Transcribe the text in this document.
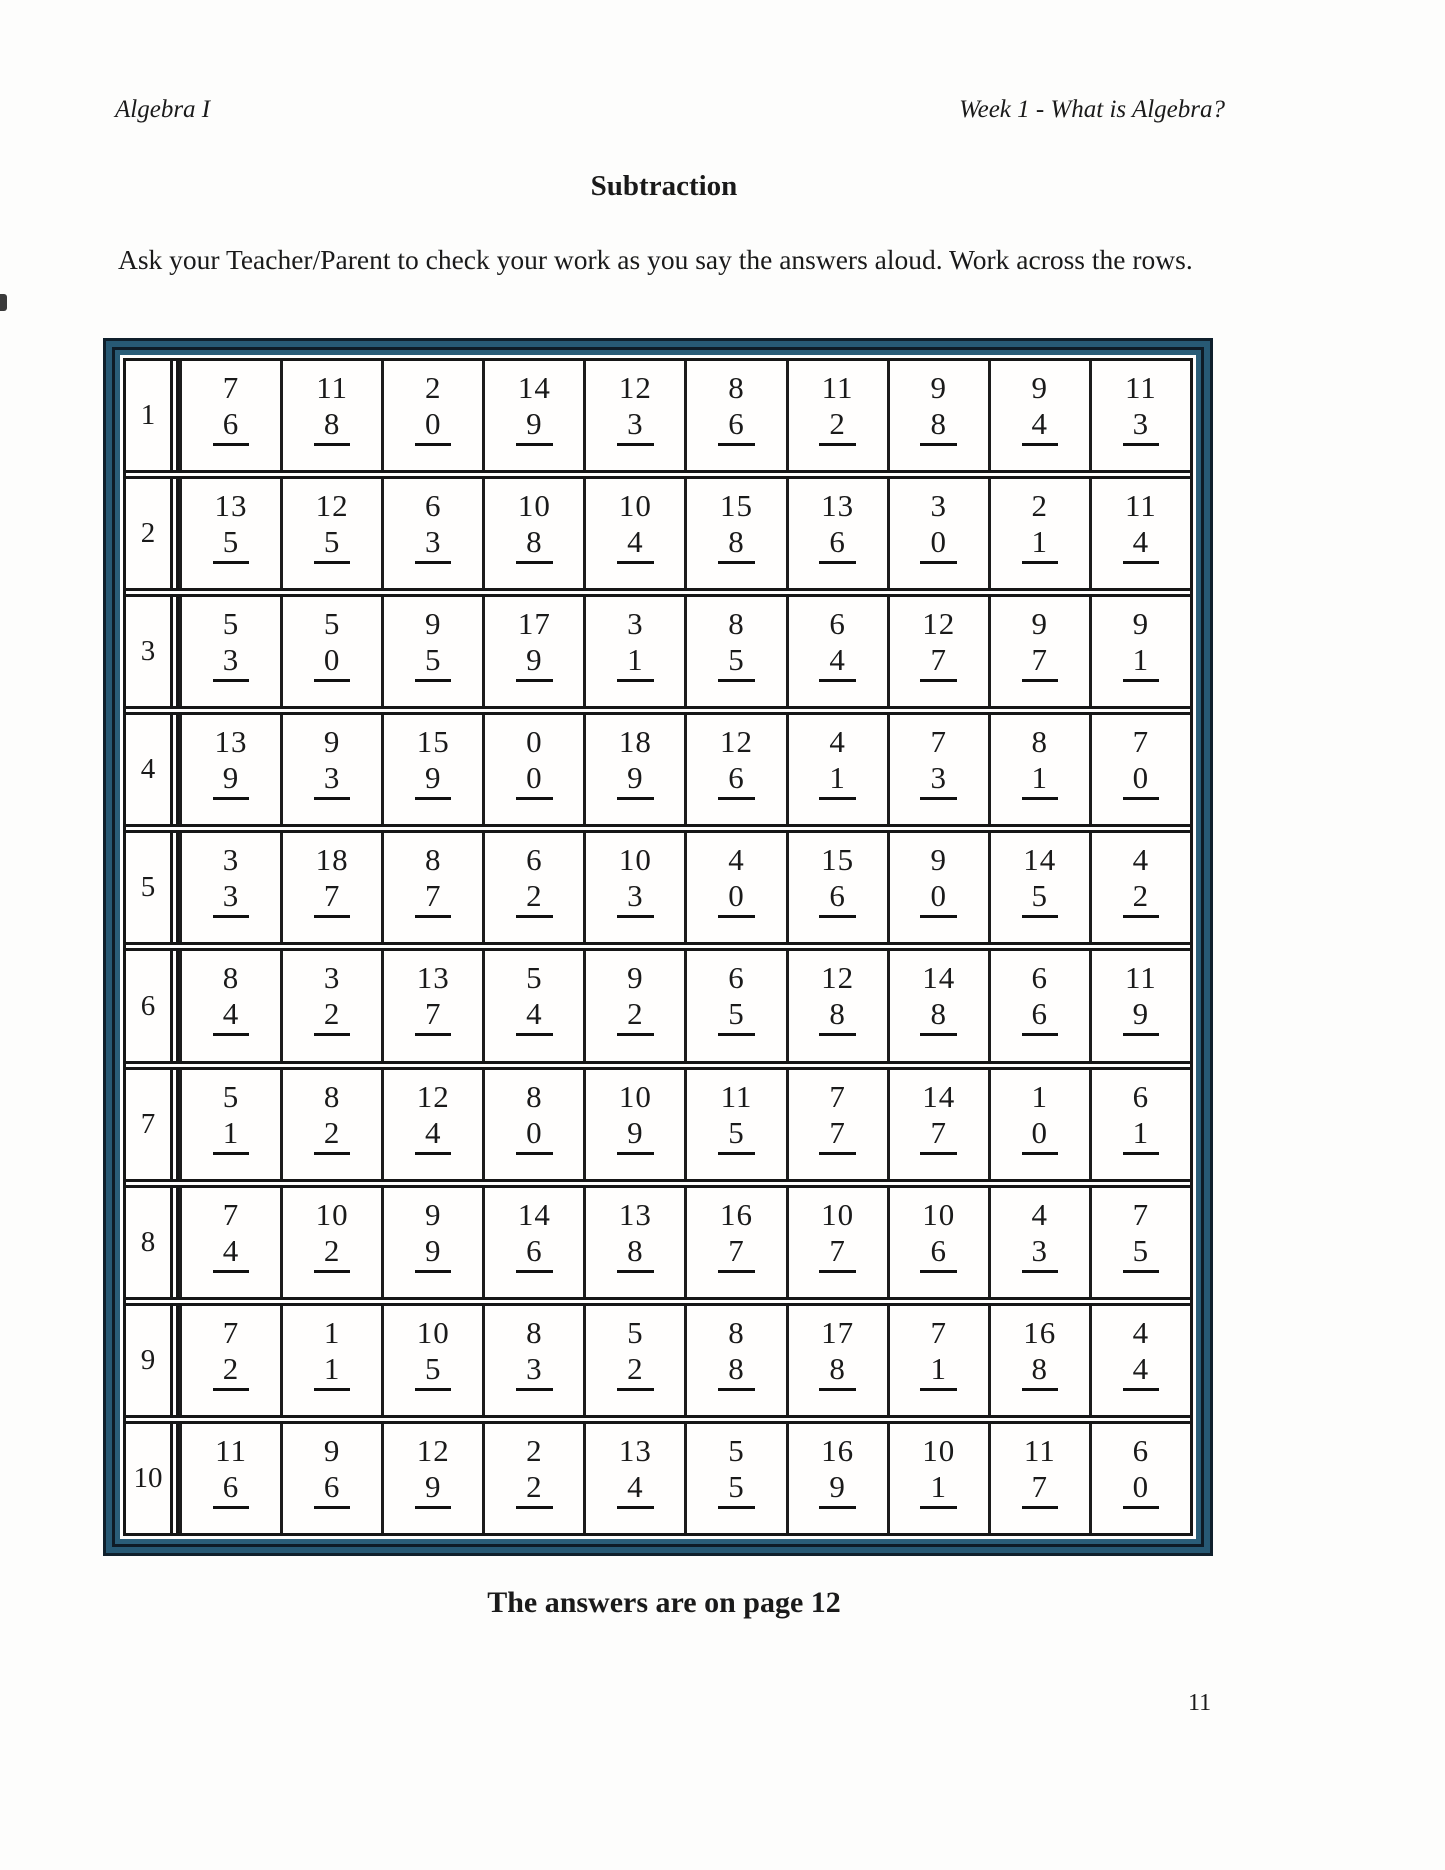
Algebra I	Week 1 - What is Algebra?
Subtraction
Ask your Teacher/Parent to check your work as you say the answers aloud. Work across the rows.
1
7
6
11
8
2
0
14
9
12
3
8
6
11
2
9
8
9
4
11
3
2
13
5
12
5
6
3
10
8
10
4
15
8
13
6
3
0
2
1
11
4
3
5
3
5
0
9
5
17
9
3
1
8
5
6
4
12
7
9
7
9
1
4
13
9
9
3
15
9
0
0
18
9
12
6
4
1
7
3
8
1
7
0
5
3
3
18
7
8
7
6
2
10
3
4
0
15
6
9
0
14
5
4
2
6
8
4
3
2
13
7
5
4
9
2
6
5
12
8
14
8
6
6
11
9
7
5
1
8
2
12
4
8
0
10
9
11
5
7
7
14
7
1
0
6
1
8
7
4
10
2
9
9
14
6
13
8
16
7
10
7
10
6
4
3
7
5
9
7
2
1
1
10
5
8
3
5
2
8
8
17
8
7
1
16
8
4
4
10
11
6
9
6
12
9
2
2
13
4
5
5
16
9
10
1
11
7
6
0
The answers are on page 12
11
